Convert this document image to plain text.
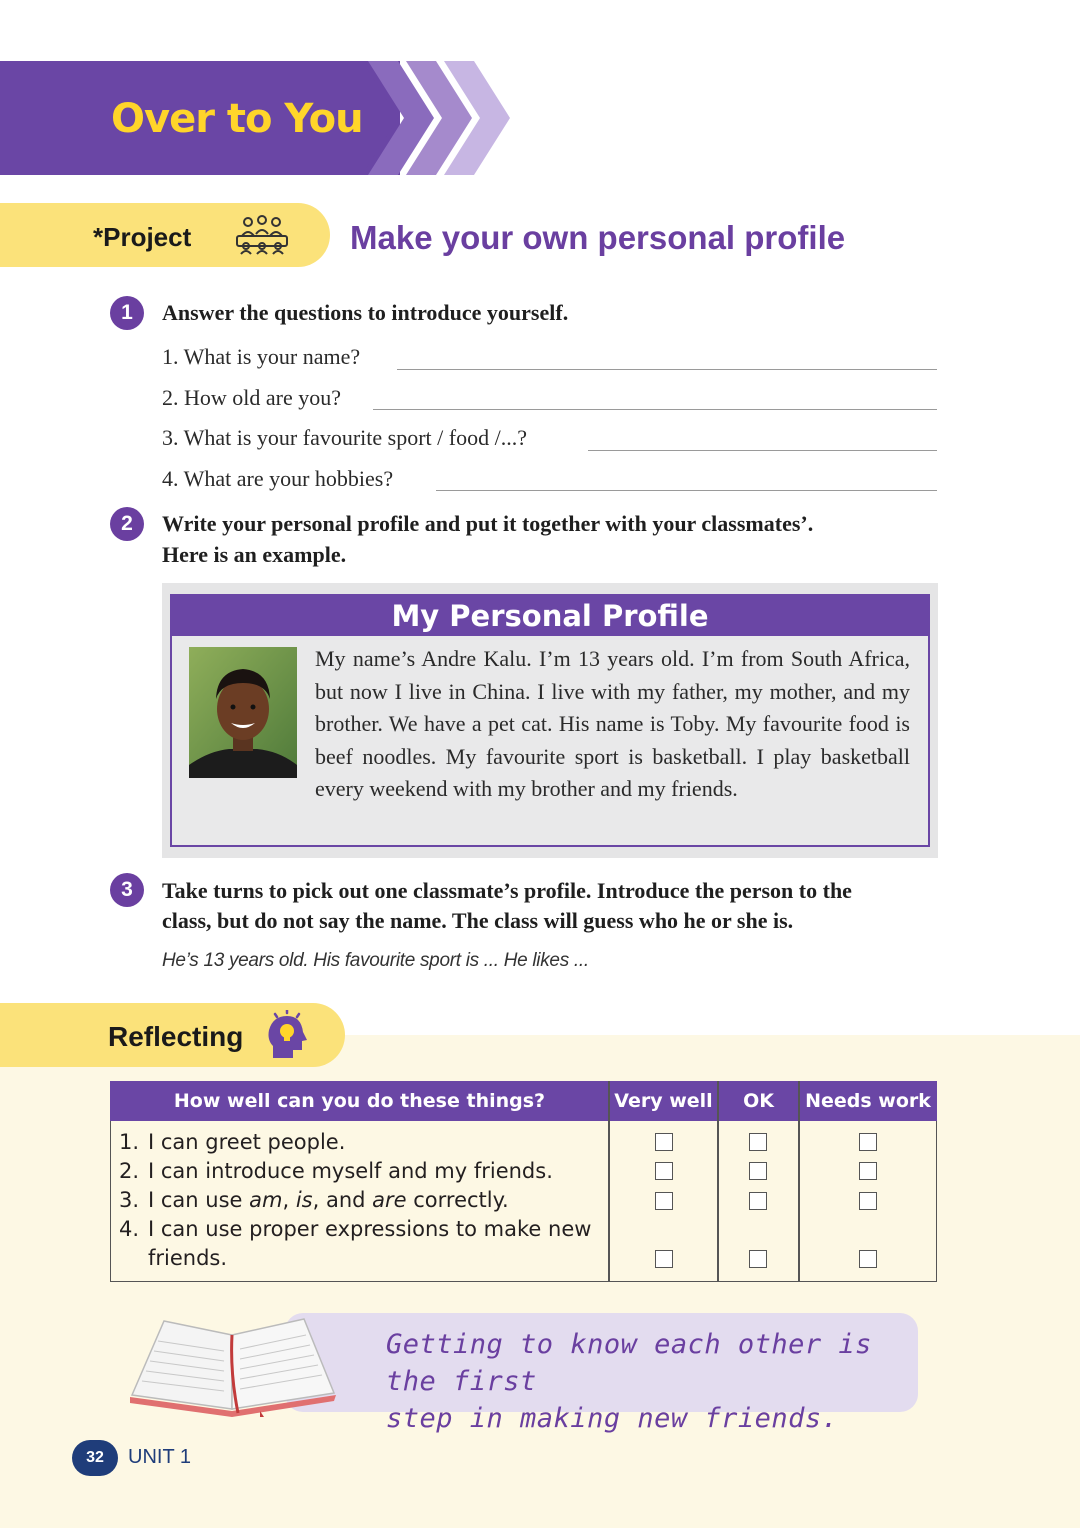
Over to You
*Project	Make your own personal profile
1	Answer the questions to introduce yourself.
1. What is your name?
2. How old are you?
3. What is your favourite sport / food /...?
4. What are your hobbies?
2	Write your personal profile and put it together with your classmates’.
Here is an example.
My Personal Profile
My name’s Andre Kalu. I’m 13 years old. I’m from South Africa, but now I live in China. I live with my father, my mother, and my brother. We have a pet cat. His name is Toby. My favourite food is beef noodles. My favourite sport is basketball. I play basketball every weekend with my brother and my friends.
3	Take turns to pick out one classmate’s profile. Introduce the person to the
class, but do not say the name. The class will guess who he or she is.
He’s 13 years old. His favourite sport is ... He likes ...
Reflecting
How well can you do these things?	Very well	OK	Needs work
1. I can greet people.
2. I can introduce myself and my friends.
3. I can use am, is, and are correctly.
4. I can use proper expressions to make new
friends.
Getting to know each other is the first
step in making new friends.
32	UNIT 1
